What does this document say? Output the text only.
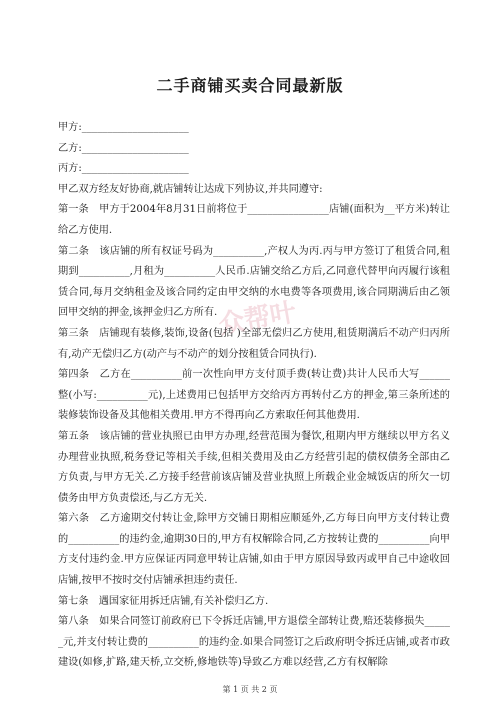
二手商铺买卖合同最新版
众帮叶

甲方:_____________________

乙方:_____________________

丙方:_____________________

甲乙双方经友好协商,就店铺转让达成下列协议,并共同遵守:

第一条　甲方于2004年8月31日前将位于________________店铺(面积为__平方米)转让给乙方使用.

第二条　该店铺的所有权证号码为__________,产权人为丙.丙与甲方签订了租赁合同,租期到__________,月租为__________人民币.店铺交给乙方后,乙同意代替甲向丙履行该租赁合同,每月交纳租金及该合同约定由甲交纳的水电费等各项费用,该合同期满后由乙领回甲交纳的押金,该押金归乙方所有.

第三条　店铺现有装修,装饰,设备(包括 )全部无偿归乙方使用,租赁期满后不动产归丙所有,动产无偿归乙方(动产与不动产的划分按租赁合同执行).

第四条　乙方在__________前一次性向甲方支付顶手费(转让费)共计人民币大写______整(小写:__________元),上述费用已包括甲方交给丙方再转付乙方的押金,第三条所述的装修装饰设备及其他相关费用.甲方不得再向乙方索取任何其他费用.

第五条　该店铺的营业执照已由甲方办理,经营范围为餐饮,租期内甲方继续以甲方名义办理营业执照,税务登记等相关手续,但相关费用及由乙方经营引起的债权债务全部由乙方负责,与甲方无关.乙方接手经营前该店铺及营业执照上所载企业金城饭店的所欠一切债务由甲方负责偿还,与乙方无关.

第六条　乙方逾期交付转让金,除甲方交铺日期相应顺延外,乙方每日向甲方支付转让费的__________的违约金,逾期30日的,甲方有权解除合同,乙方按转让费的__________向甲方支付违约金.甲方应保证丙同意甲转让店铺,如由于甲方原因导致丙或甲自己中途收回店铺,按甲不按时交付店铺承担违约责任.

第七条　遇国家征用拆迁店铺,有关补偿归乙方.

第八条　如果合同签订前政府已下令拆迁店铺,甲方退偿全部转让费,赔还装修损失______元,并支付转让费的__________的违约金.如果合同签订之后政府明令拆迁店铺,或者市政建设(如修,扩路,建天桥,立交桥,修地铁等)导致乙方难以经营,乙方有权解除

第 1 页 共 2 页
